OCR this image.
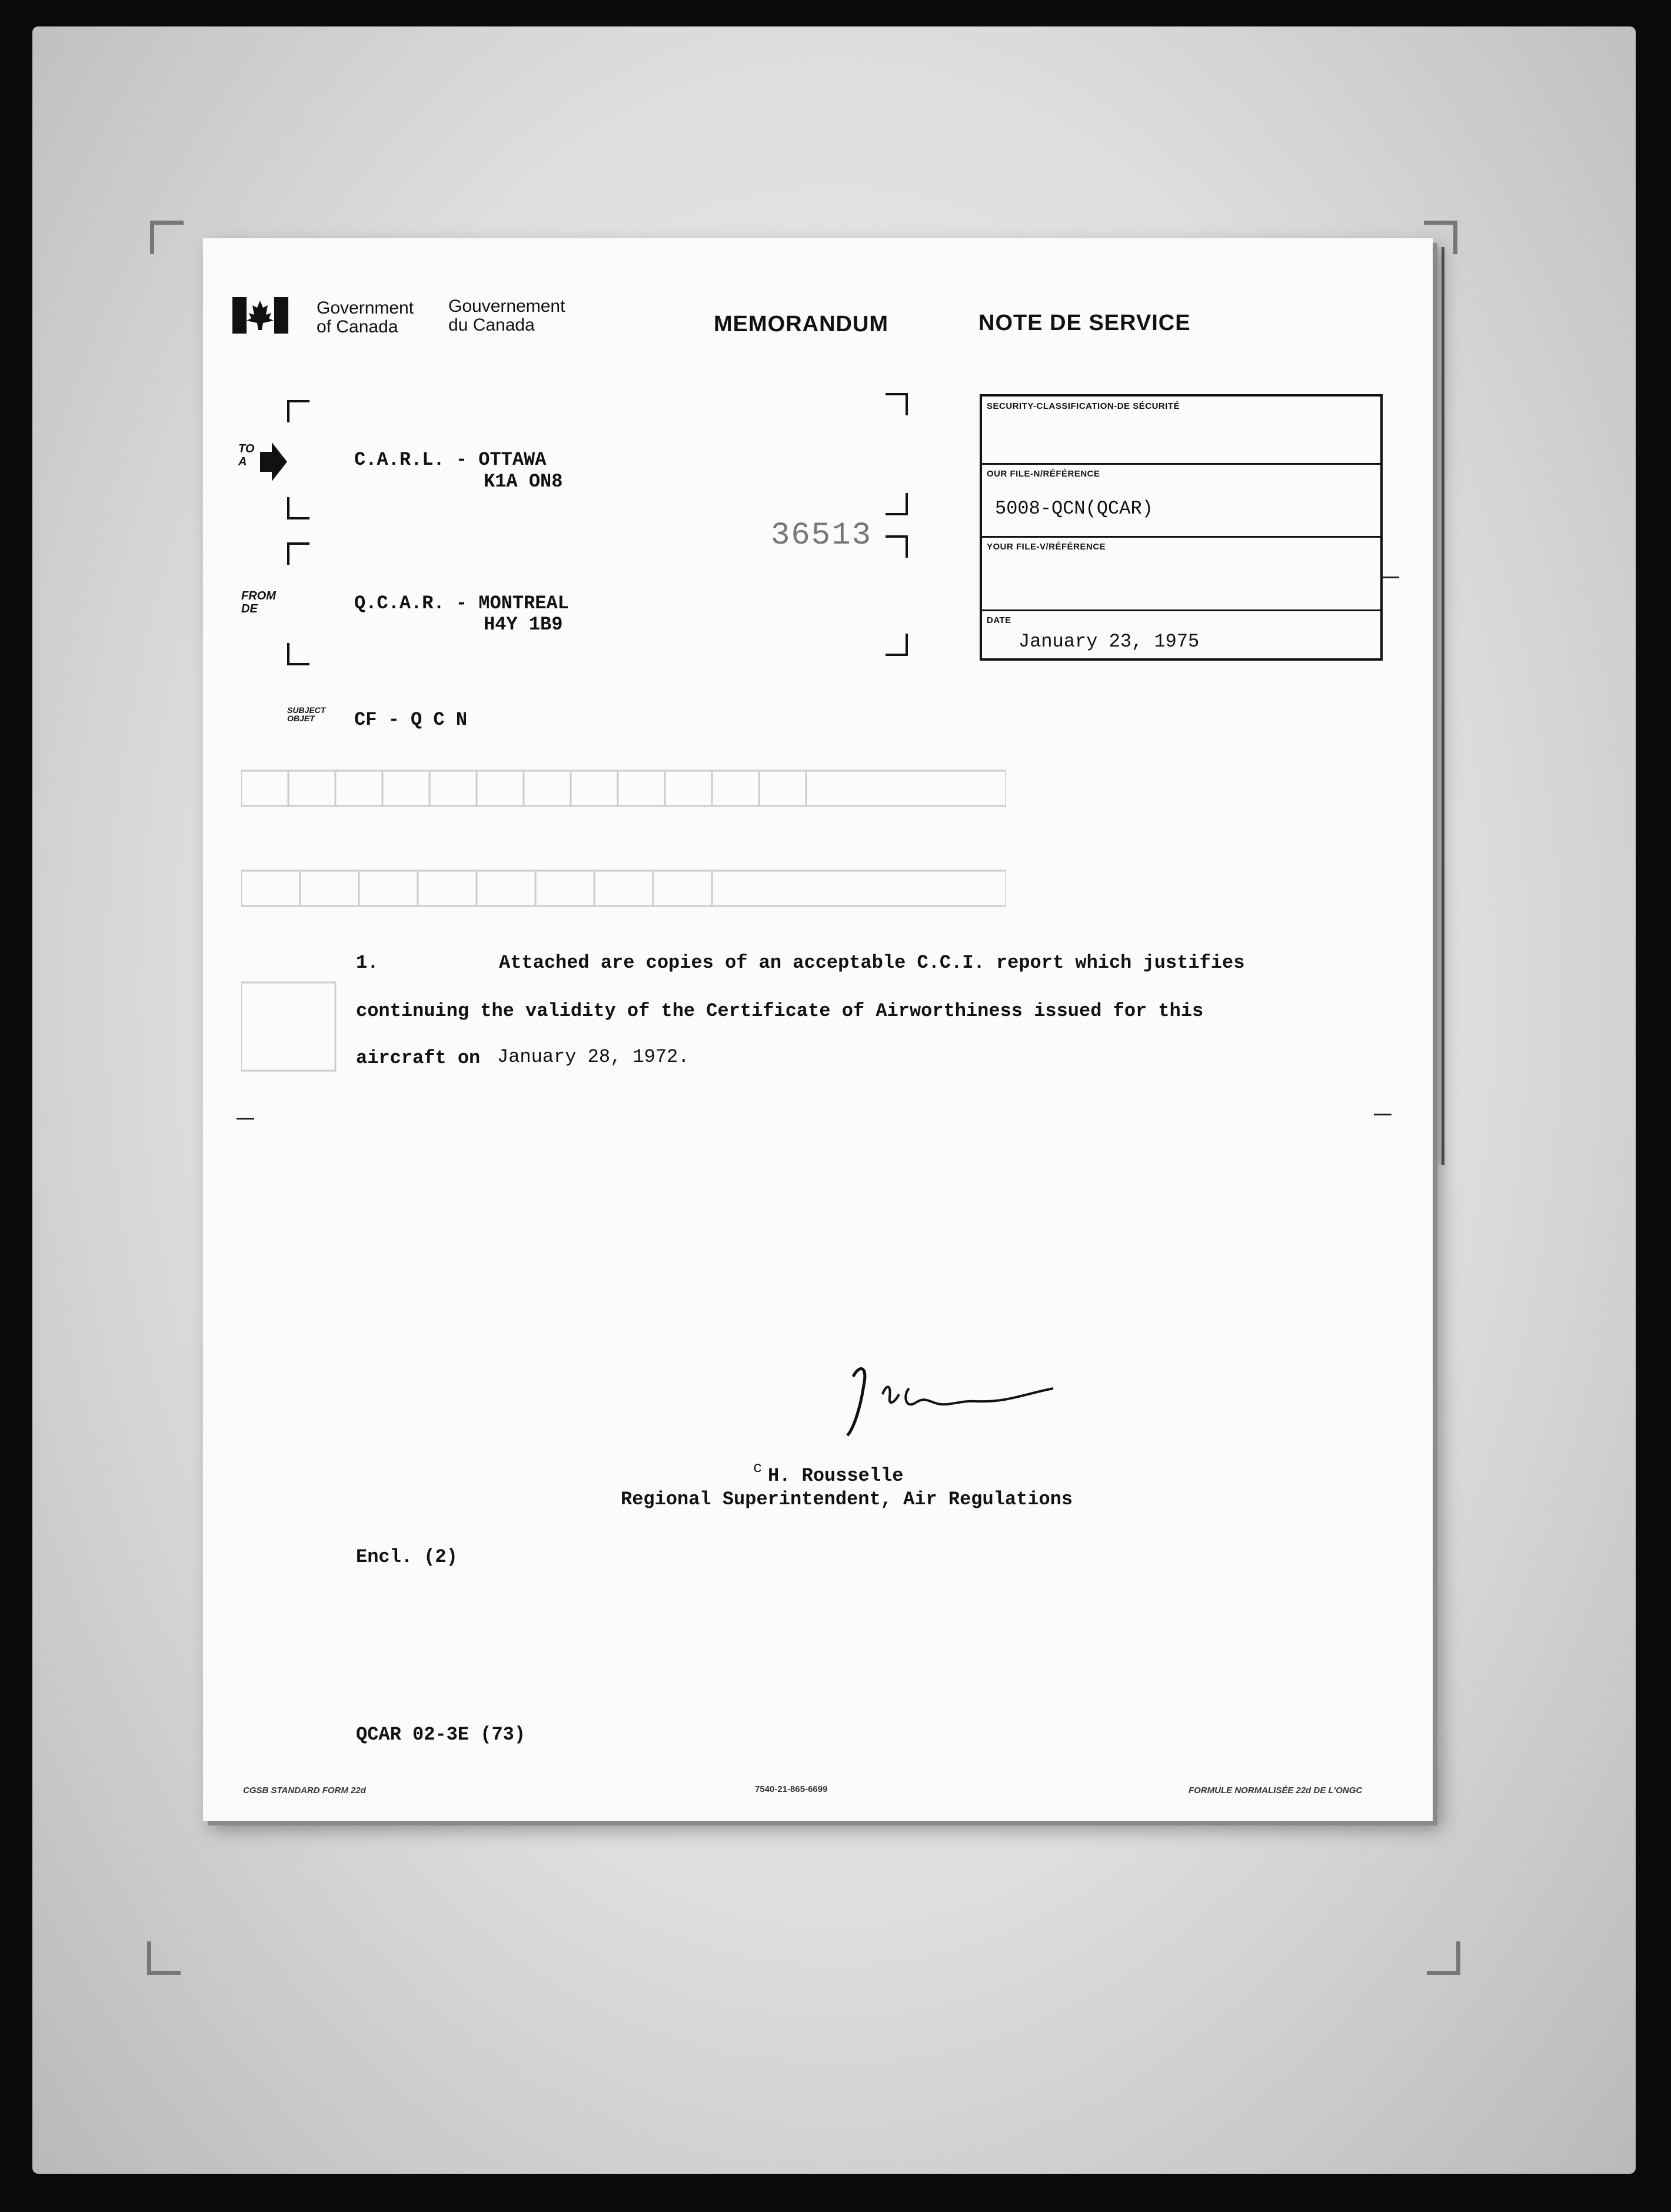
Government
of Canada
Gouvernement
du Canada	MEMORANDUM	NOTE DE SERVICE
TO
A	C.A.R.L. - OTTAWA
K1A ON8
FROM
DE	Q.C.A.R. - MONTREAL
H4Y 1B9
36513
SUBJECT
OBJET	CF - Q C N
SECURITY-CLASSIFICATION-DE SÉCURITÉ
OUR FILE-N/RÉFÉRENCE
5008-QCN(QCAR)
YOUR FILE-V/RÉFÉRENCE
DATE
January 23, 1975
1.	Attached are copies of an acceptable C.C.I. report which justifies
continuing the validity of the Certificate of Airworthiness issued for this
aircraft on January 28, 1972.
c H. Rousselle
Regional Superintendent, Air Regulations
Encl. (2)
QCAR 02-3E (73)
CGSB STANDARD FORM 22d	7540-21-865-6699	FORMULE NORMALISÉE 22d DE L'ONGC
